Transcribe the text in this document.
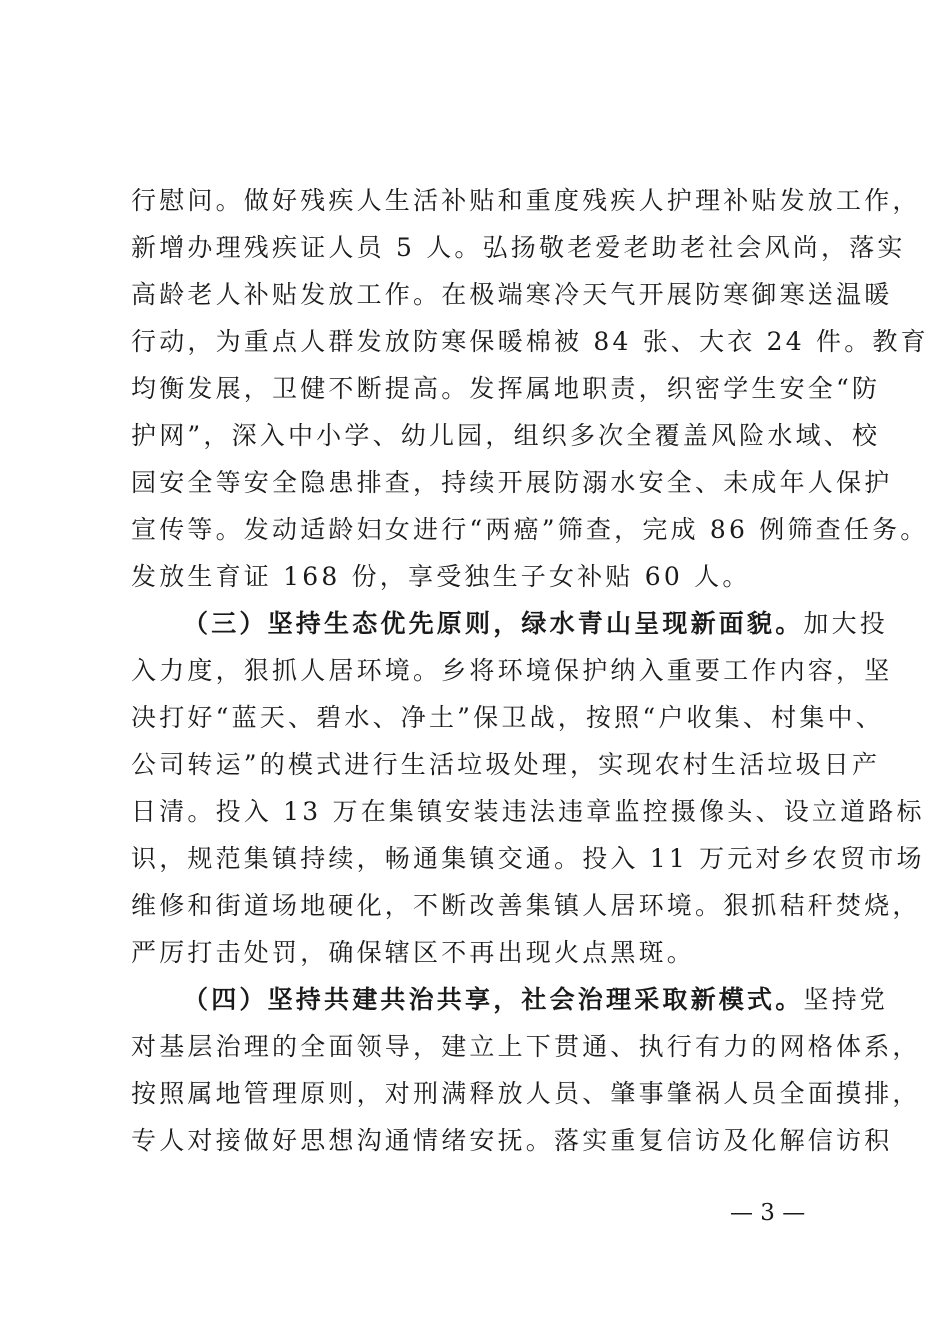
行慰问。做好残疾人生活补贴和重度残疾人护理补贴发放工作，
新增办理残疾证人员 5 人。弘扬敬老爱老助老社会风尚，落实
高龄老人补贴发放工作。在极端寒冷天气开展防寒御寒送温暖
行动，为重点人群发放防寒保暖棉被 84 张、大衣 24 件。教育
均衡发展，卫健不断提高。发挥属地职责，织密学生安全“防
护网”，深入中小学、幼儿园，组织多次全覆盖风险水域、校
园安全等安全隐患排查，持续开展防溺水安全、未成年人保护
宣传等。发动适龄妇女进行“两癌”筛查，完成 86 例筛查任务。
发放生育证 168 份，享受独生子女补贴 60 人。
（三）坚持生态优先原则，绿水青山呈现新面貌。加大投
入力度，狠抓人居环境。乡将环境保护纳入重要工作内容，坚
决打好“蓝天、碧水、净土”保卫战，按照“户收集、村集中、
公司转运”的模式进行生活垃圾处理，实现农村生活垃圾日产
日清。投入 13 万在集镇安装违法违章监控摄像头、设立道路标
识，规范集镇持续，畅通集镇交通。投入 11 万元对乡农贸市场
维修和街道场地硬化，不断改善集镇人居环境。狠抓秸秆焚烧，
严厉打击处罚，确保辖区不再出现火点黑斑。
（四）坚持共建共治共享，社会治理采取新模式。坚持党
对基层治理的全面领导，建立上下贯通、执行有力的网格体系，
按照属地管理原则，对刑满释放人员、肇事肇祸人员全面摸排，
专人对接做好思想沟通情绪安抚。落实重复信访及化解信访积
— 3 —
